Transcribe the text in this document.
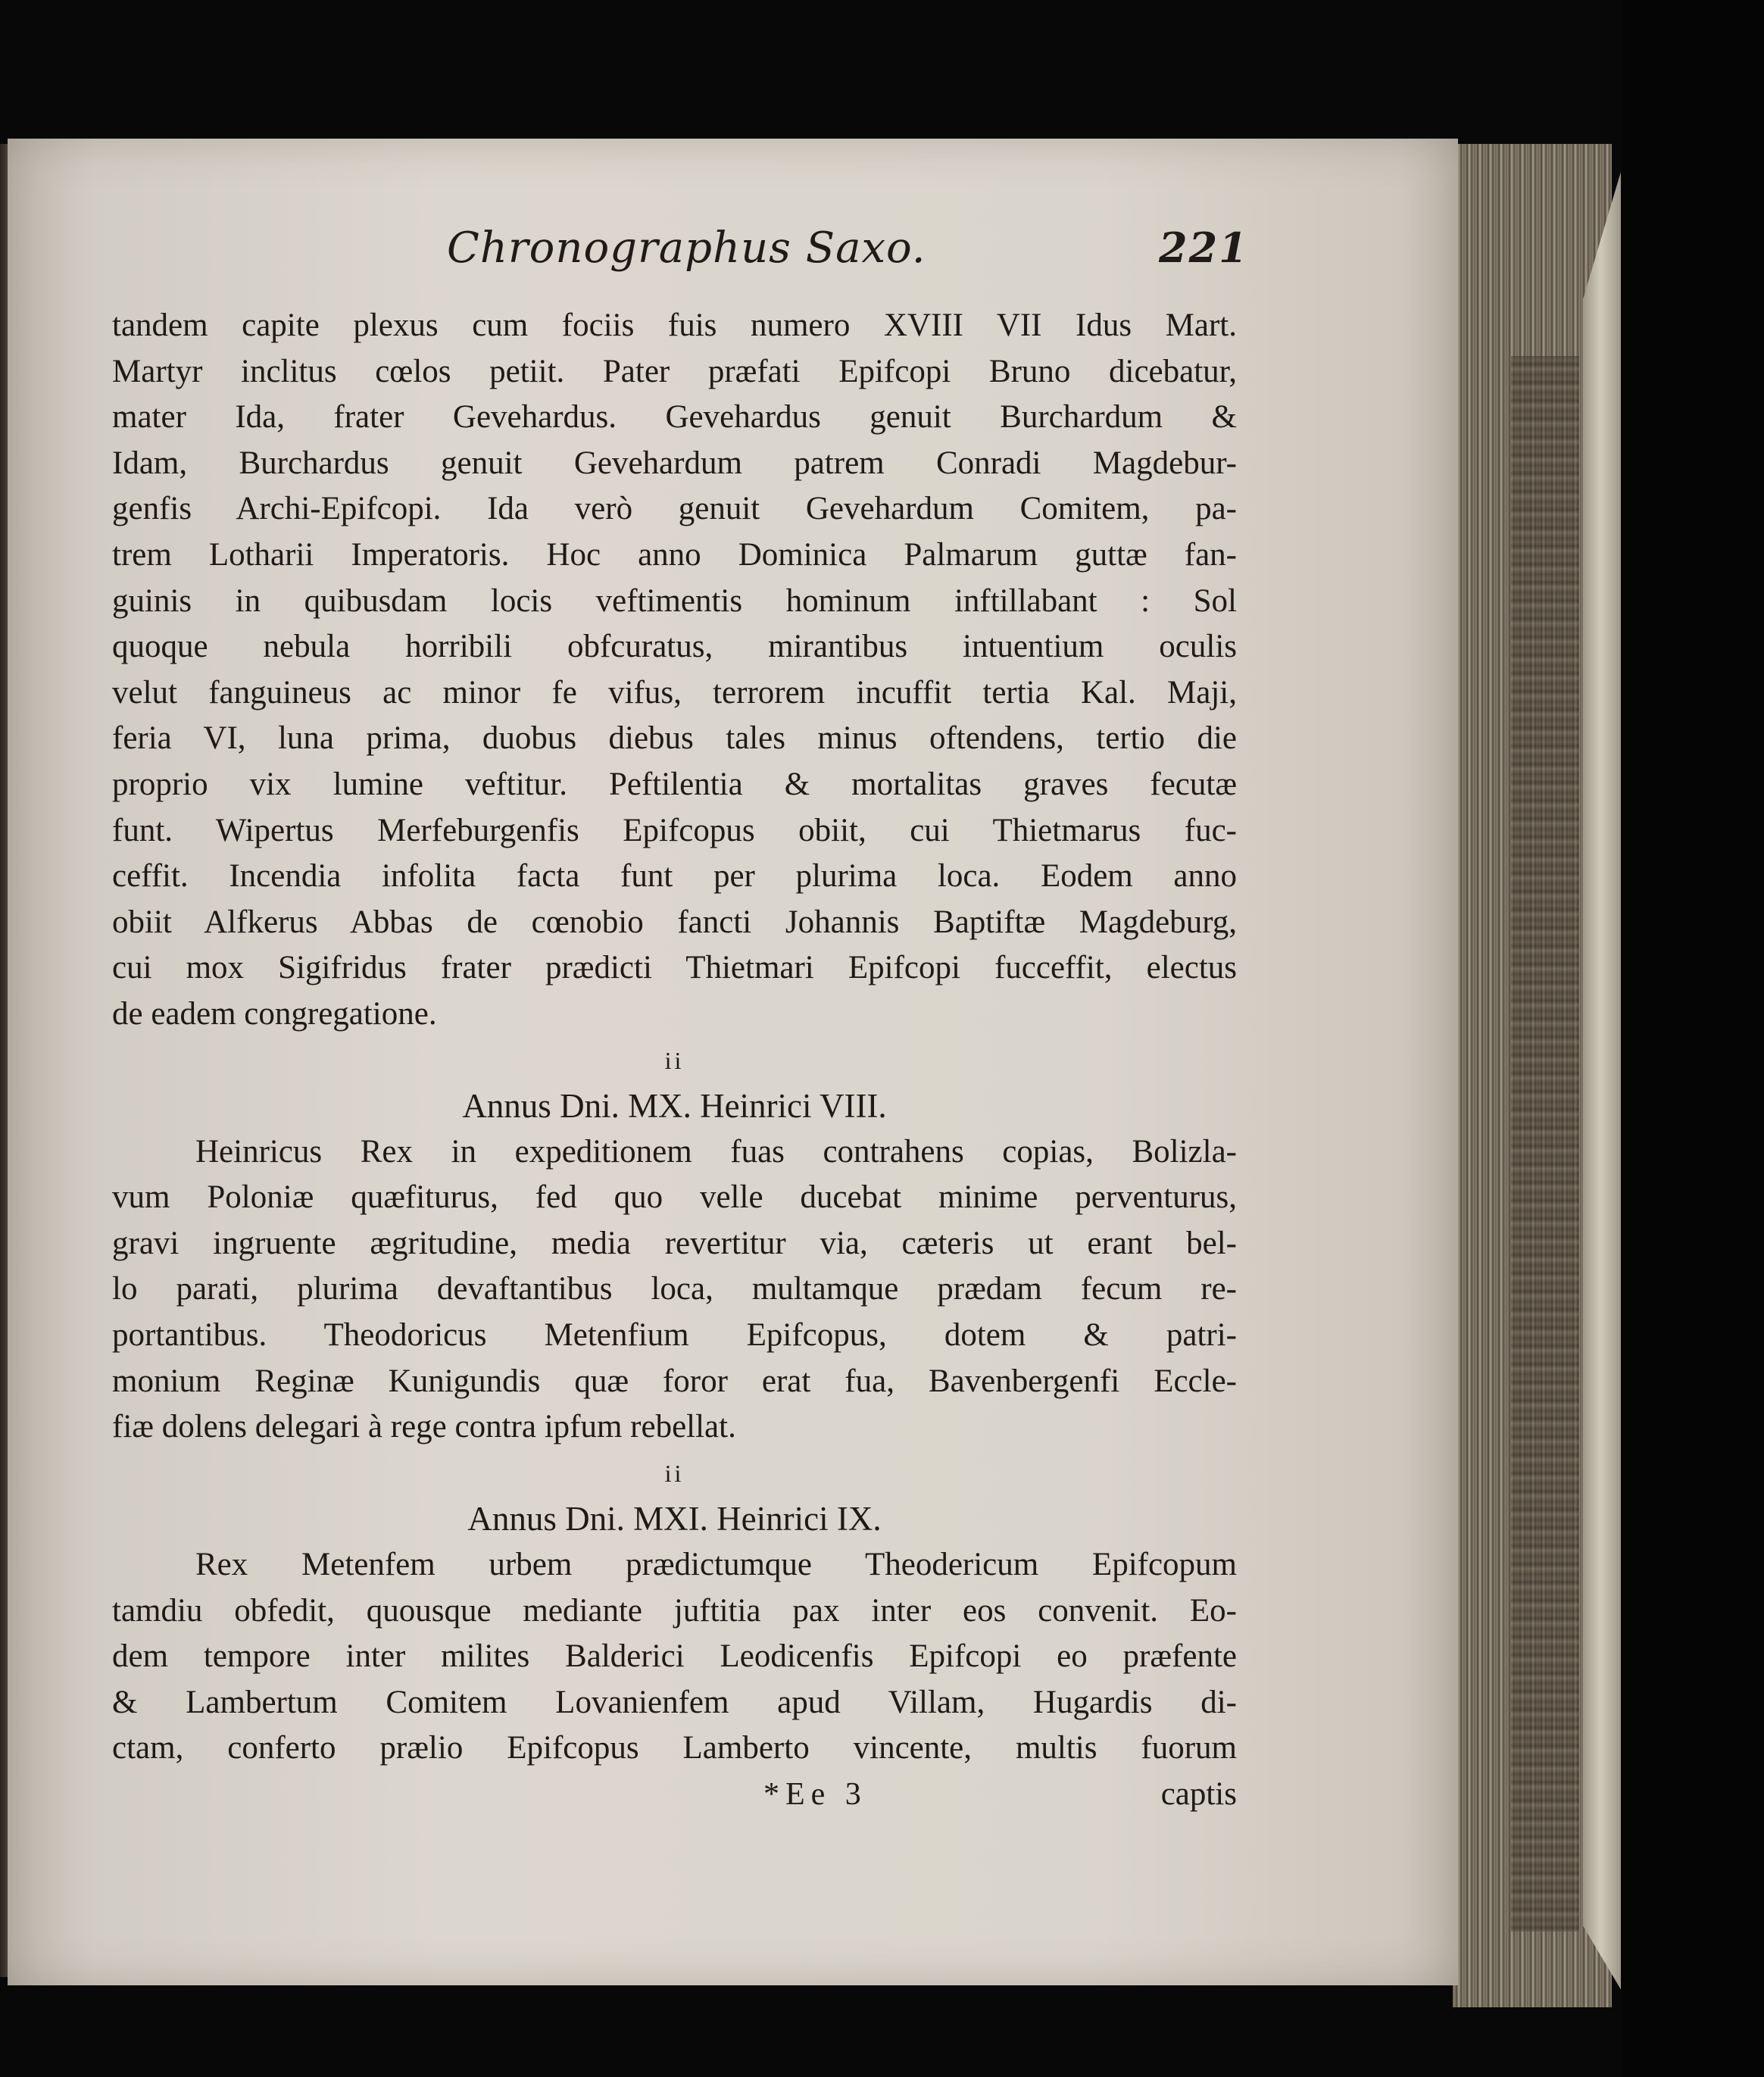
Chronographus Saxo.	221
tandem capite plexus cum fociis fuis numero XVIII VII Idus Mart.
Martyr inclitus cœlos petiit. Pater præfati Epifcopi Bruno dicebatur,
mater Ida, frater Gevehardus. Gevehardus genuit Burchardum &
Idam, Burchardus genuit Gevehardum patrem Conradi Magdebur-
genfis Archi-Epifcopi. Ida verò genuit Gevehardum Comitem, pa-
trem Lotharii Imperatoris. Hoc anno Dominica Palmarum guttæ fan-
guinis in quibusdam locis veftimentis hominum inftillabant : Sol
quoque nebula horribili obfcuratus, mirantibus intuentium oculis
velut fanguineus ac minor fe vifus, terrorem incuffit tertia Kal. Maji,
feria VI, luna prima, duobus diebus tales minus oftendens, tertio die
proprio vix lumine veftitur. Peftilentia & mortalitas graves fecutæ
funt. Wipertus Merfeburgenfis Epifcopus obiit, cui Thietmarus fuc-
ceffit. Incendia infolita facta funt per plurima loca. Eodem anno
obiit Alfkerus Abbas de cœnobio fancti Johannis Baptiftæ Magdeburg,
cui mox Sigifridus frater prædicti Thietmari Epifcopi fucceffit, electus
de eadem congregatione.
ii
Annus Dni. MX. Heinrici VIII.
Heinricus Rex in expeditionem fuas contrahens copias, Bolizla-
vum Poloniæ quæfiturus, fed quo velle ducebat minime perventurus,
gravi ingruente ægritudine, media revertitur via, cæteris ut erant bel-
lo parati, plurima devaftantibus loca, multamque prædam fecum re-
portantibus. Theodoricus Metenfium Epifcopus, dotem & patri-
monium Reginæ Kunigundis quæ foror erat fua, Bavenbergenfi Eccle-
fiæ dolens delegari à rege contra ipfum rebellat.
ii
Annus Dni. MXI. Heinrici IX.
Rex Metenfem urbem prædictumque Theodericum Epifcopum
tamdiu obfedit, quousque mediante juftitia pax inter eos convenit. Eo-
dem tempore inter milites Balderici Leodicenfis Epifcopi eo præfente
& Lambertum Comitem Lovanienfem apud Villam, Hugardis di-
ctam, conferto prælio Epifcopus Lamberto vincente, multis fuorum
*Ee 3	captis
